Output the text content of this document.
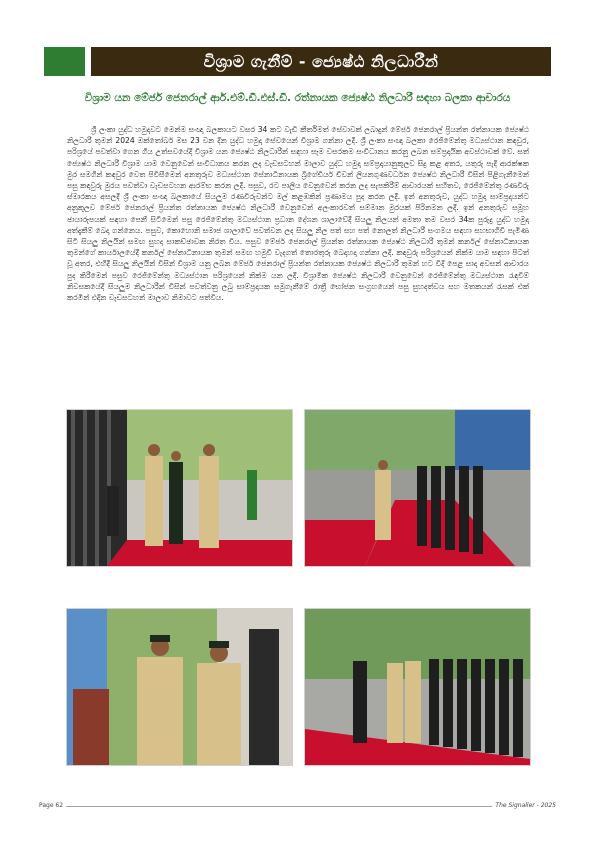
විශ්‍රාම ගැනීම් - ජ්‍යෙෂ්ඨ නිලධාරීන්
විශ්‍රාම යන මේජර් ජෙනරාල් ආර්.එම්.ඩී.එස්.ඩී. රත්නායක ජ්‍යෙෂ්ඨ නිලධාරී සඳහා බලකා ආචාරය
ශ්‍රී ලංකා යුද්ධ හමුදාවට මෙන්ම සංඥා බලකායට වසර 34 කට වැඩි කීර්තිමත් සේවාවක් ලබාදුන් මේජර් ජෙනරාල් ප්‍රියන්ත රත්නායක ජ්‍යෙෂ්ඨ නිලධාරී තුමන් 2024 ඔක්තෝබර් මස 23 වන දින යුද්ධ හමුදා සේවයෙන් විශ්‍රාම ගන්නා ලදී. ශ්‍රී ලංකා සංඥා බලකා රෙජිමේන්තු මධ්‍යස්ථාන කඳවුර, පරිශ්‍රයේ පවත්වා ගෙන ගිය උත්සවයේදී විශ්‍රාම යන ජ්‍යෙෂ්ඨ නිලධාරීන් සඳහා සෑම වසරකම සංවිධානය කරනු ලබන සම්ප්‍රදායික අවස්ථාවක් වේ. සත් ජ්‍යෙෂ්ඨ නිලධාරී විශ්‍රාම යාම වෙනුවෙන් සංවිධානය කරන ලද වැඩසටහන් මාලාව යුද්ධ හමුදා සම්ප්‍රදායානුකූලව සිදු කළ අතර, යතුරු පැදි ආරක්ෂක මුර සමගින් කඳවුර වෙත පිවිසීමෙන් අනතුරුව මධ්‍යස්ථාන සේනාධිනායක බ්‍රිගේඩියර් චීවන් ලියනගුණවර්ධන ජ්‍යෙෂ්ඨ නිලධාරී විසින් පිළිගැනීමෙන් පසු කඳවුරු මුරය පවත්වා වැඩසටහන ආරම්භ කරන ලදී. පසුව, රට පාලිය වෙනුවෙන් කරන ලද සැපකිරීම් ආචාරයක් සහිතව, රෙජිමේන්තු රණවිරු ස්මාරකය අසලදී ශ්‍රී ලංකා සංඥා බලකායේ සියලුම රණවිරුවන්ට මල් කළඹකින් ප්‍රණාමය පුද කරන ලදී. ඉන් අනතුරුව, යුද්ධ හමුදා සාම්ප්‍රදායන්ට අනුකූලව මේජර් ජෙනරාල් ප්‍රියන්ත රත්නායක ජ්‍යෙෂ්ඨ නිලධාරී වෙනුවෙන් අලංකාරවත් සම්මාන මුරයක් පිරිනමන ලදී. ඉන් අනතුරුව සමූහ ඡායාරූපයක් සඳහා පෙනී සිටීමෙන් පසු රෙජිමේන්තු මධ්‍යස්ථාන ප්‍රධාන දේශන ශාලාවේදී සියලු නිලයන් අමතා තම වසර 34ක පුරුදු යුද්ධ හමුදා අත්දැකීම් බෙදා ගන්නෙය. පසුව, කොහොනි සමාජ ශාලාවේ පවත්වන ලද සියලු නිල පත් සහ පත් නොලත් නිලධාරී සංගමය සඳහා සහභාගිවී පැමිණ සිටි සියලු නිලයින් සමඟ සුහද සාකච්ඡාවක නිරත විය. පසුව මේජර් ජෙනරාල් ප්‍රියන්ත රත්නායක ජ්‍යෙෂ්ඨ නිලධාරී තුමන් කර්නල් සේනාධිනායක තුමන්ගේ කාර්යාලයේදී කර්නල් සේනාධිනායක තුමන් සමඟ හමුවී වැදගත් තොරතුරු බෙදාහදා ගන්නා ලදී. කඳවුරු පරිශ්‍රයෙන් නික්ම යාම සඳහා පිටත් වූ අතර, එහිදී සියලු නිලයින් විසින් විශ්‍රාම යනු ලබන මේජර් ජෙනරාල් ප්‍රියන්ත රත්නායක ජ්‍යෙෂ්ඨ නිලධාරී තුමන් හට වීදි පෙළ සාදා අවසන් ආචාරය පුද කිරීමෙන් පසුව රෙජිමේන්තු මධ්‍යස්ථාන පරිශ්‍රයෙන් නික්ම යන ලදී. විශ්‍රාමික ජ්‍යෙෂ්ඨ නිලධාරී වෙනුවෙන් රෙජිමේන්තු මධ්‍යස්ථාන රැඳවීම් නිවසකයේදී සියලුම නිලධාරීන් විසින් පවත්වනු ලබු සාම්ප්‍රදායක සමුගැනීමේ රාත්‍රී භෝජන සංග්‍රහයෙන් පසු සුහදත්වය සහ මතකයන් රැසක් එක් කරමින් එදින වැඩසටහන් මාලාව නිමාවට පත්විය.
Page 62	The Signaller - 2025
